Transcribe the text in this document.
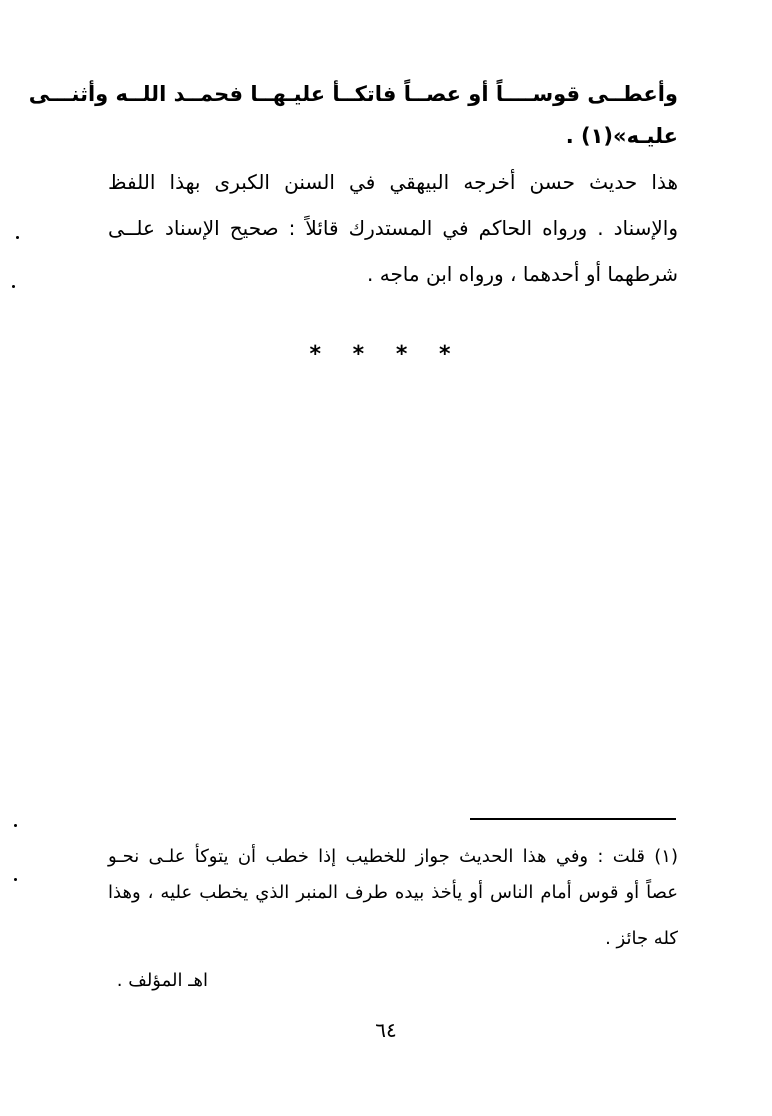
وأعطــى قوســــاً أو عصــاً فاتكــأ عليـهــا فحمــد اللــه وأثنـــى
عليـه»(١) .
هذا حديث حسن أخرجه البيهقي في السنن الكبرى بهذا اللفظ
والإسناد . ورواه الحاكم في المستدرك قائلاً : صحيح الإسناد علــى
شرطهما أو أحدهما ، ورواه ابن ماجه .
* * * *
(١) قلت : وفي هذا الحديث جواز للخطيب إذا خطب أن يتوكأ علـى نحـو
عصاً أو قوس أمام الناس أو يأخذ بيده طرف المنبر الذي يخطب عليه ، وهذا
كله جائز .
اهـ المؤلف .
٦٤
